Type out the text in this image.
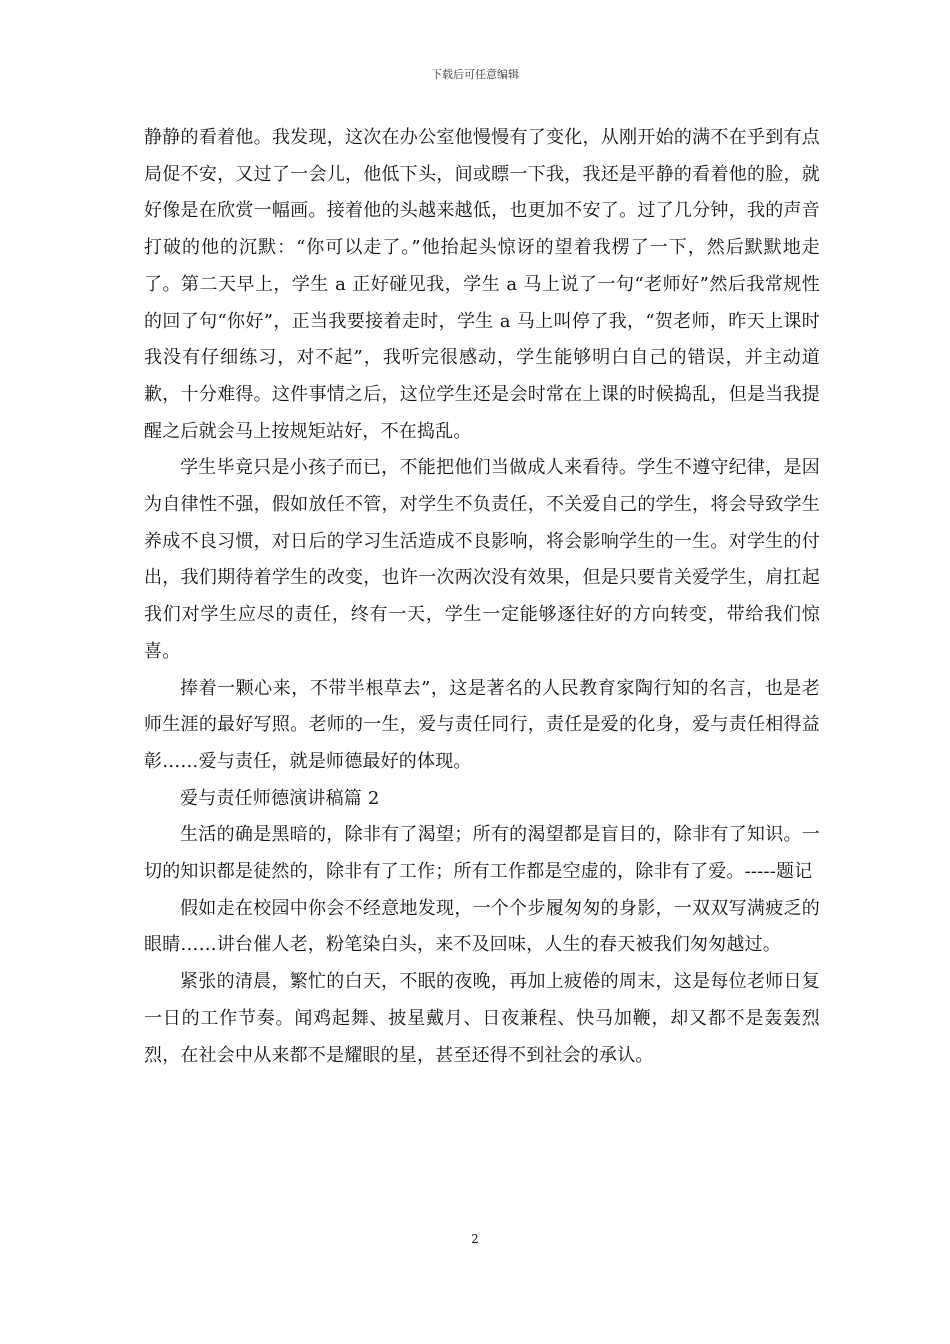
下载后可任意编辑

静静的看着他。我发现，这次在办公室他慢慢有了变化，从刚开始的满不在乎到有点局促不安，又过了一会儿，他低下头，间或瞟一下我，我还是平静的看着他的脸，就好像是在欣赏一幅画。接着他的头越来越低，也更加不安了。过了几分钟，我的声音打破的他的沉默：“你可以走了。”他抬起头惊讶的望着我楞了一下，然后默默地走了。第二天早上，学生 a 正好碰见我，学生 a 马上说了一句“老师好”然后我常规性的回了句“你好”，正当我要接着走时，学生 a 马上叫停了我，“贺老师，昨天上课时我没有仔细练习，对不起”，我听完很感动，学生能够明白自己的错误，并主动道歉，十分难得。这件事情之后，这位学生还是会时常在上课的时候捣乱，但是当我提醒之后就会马上按规矩站好，不在捣乱。

学生毕竟只是小孩子而已，不能把他们当做成人来看待。学生不遵守纪律，是因为自律性不强，假如放任不管，对学生不负责任，不关爱自己的学生，将会导致学生养成不良习惯，对日后的学习生活造成不良影响，将会影响学生的一生。对学生的付出，我们期待着学生的改变，也许一次两次没有效果，但是只要肯关爱学生，肩扛起我们对学生应尽的责任，终有一天，学生一定能够逐往好的方向转变，带给我们惊喜。

捧着一颗心来，不带半根草去”，这是著名的人民教育家陶行知的名言，也是老师生涯的最好写照。老师的一生，爱与责任同行，责任是爱的化身，爱与责任相得益彰……爱与责任，就是师德最好的体现。

爱与责任师德演讲稿篇 2

生活的确是黑暗的，除非有了渴望；所有的渴望都是盲目的，除非有了知识。一切的知识都是徒然的，除非有了工作；所有工作都是空虚的，除非有了爱。-----题记

假如走在校园中你会不经意地发现，一个个步履匆匆的身影，一双双写满疲乏的眼睛……讲台催人老，粉笔染白头，来不及回味，人生的春天被我们匆匆越过。

紧张的清晨，繁忙的白天，不眠的夜晚，再加上疲倦的周末，这是每位老师日复一日的工作节奏。闻鸡起舞、披星戴月、日夜兼程、快马加鞭，却又都不是轰轰烈烈，在社会中从来都不是耀眼的星，甚至还得不到社会的承认。

2
